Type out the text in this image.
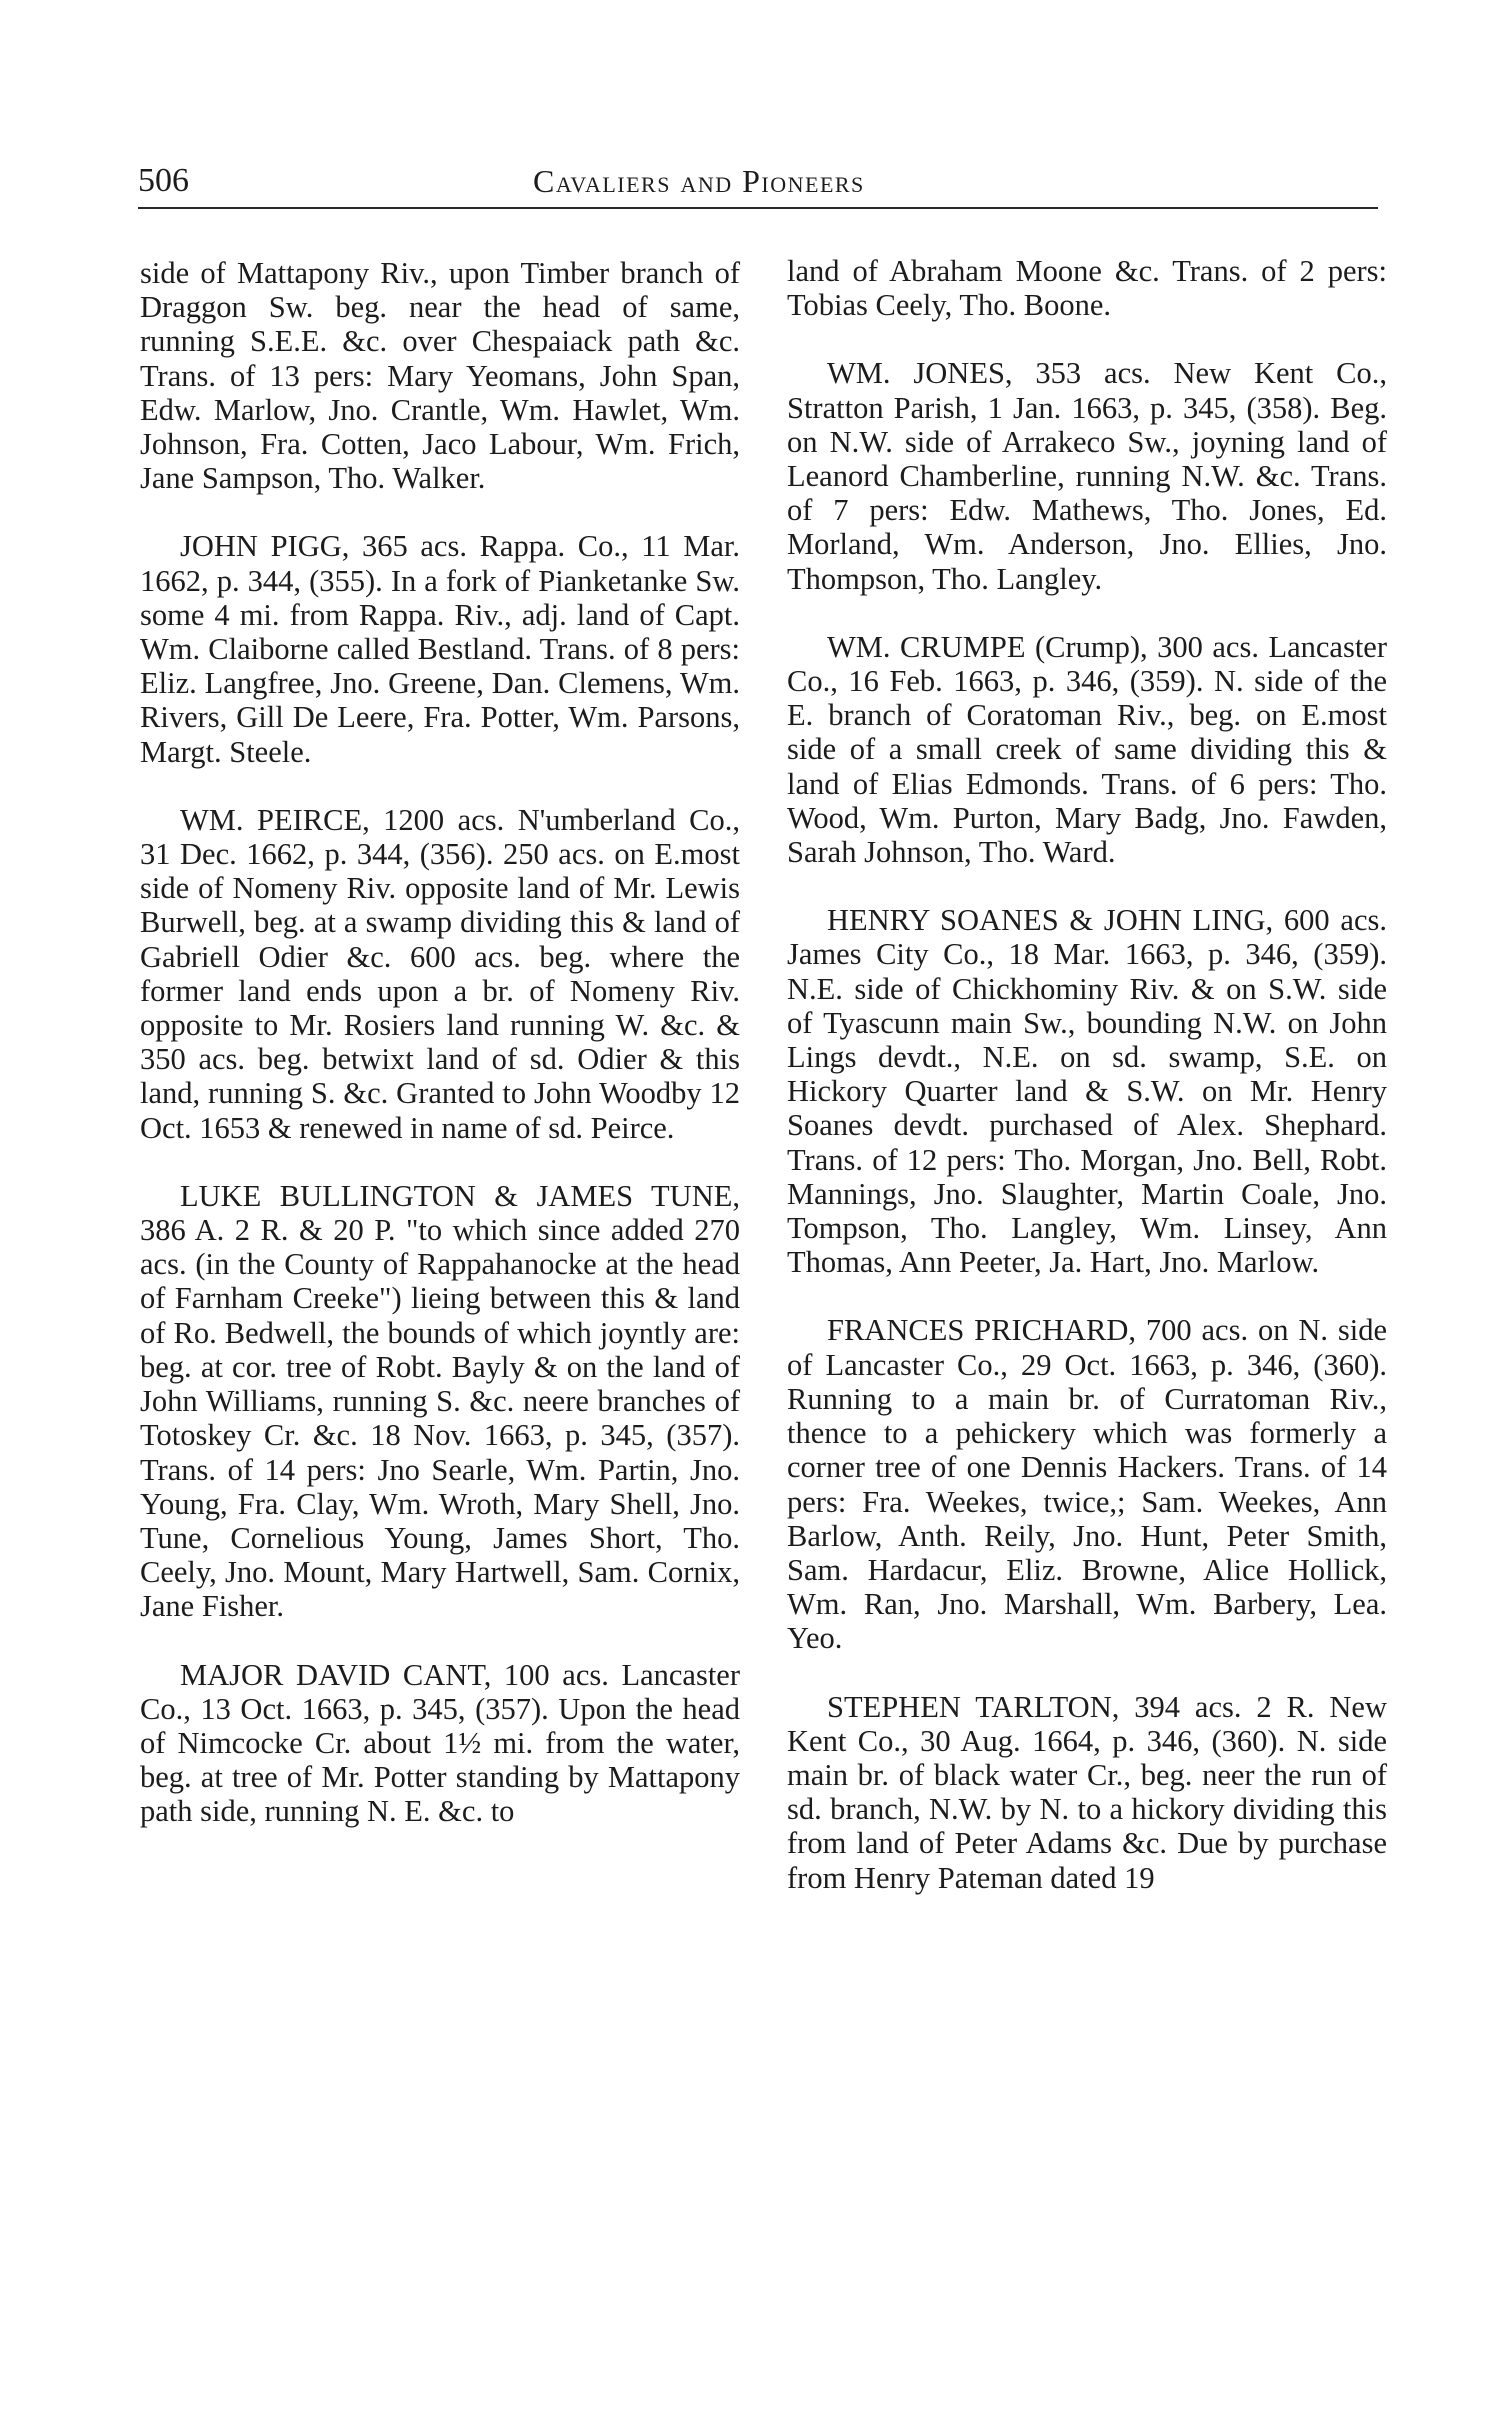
506	Cavaliers and Pioneers

side of Mattapony Riv., upon Timber branch of Draggon Sw. beg. near the head of same, running S.E.E. &c. over Chespaiack path &c. Trans. of 13 pers: Mary Yeomans, John Span, Edw. Marlow, Jno. Crantle, Wm. Hawlet, Wm. Johnson, Fra. Cotten, Jaco Labour, Wm. Frich, Jane Sampson, Tho. Walker.

JOHN PIGG, 365 acs. Rappa. Co., 11 Mar. 1662, p. 344, (355). In a fork of Pianketanke Sw. some 4 mi. from Rappa. Riv., adj. land of Capt. Wm. Claiborne called Bestland. Trans. of 8 pers: Eliz. Langfree, Jno. Greene, Dan. Clemens, Wm. Rivers, Gill De Leere, Fra. Potter, Wm. Parsons, Margt. Steele.

WM. PEIRCE, 1200 acs. N'umberland Co., 31 Dec. 1662, p. 344, (356). 250 acs. on E.most side of Nomeny Riv. opposite land of Mr. Lewis Burwell, beg. at a swamp dividing this & land of Gabriell Odier &c. 600 acs. beg. where the former land ends upon a br. of Nomeny Riv. opposite to Mr. Rosiers land running W. &c. & 350 acs. beg. betwixt land of sd. Odier & this land, running S. &c. Granted to John Woodby 12 Oct. 1653 & renewed in name of sd. Peirce.

LUKE BULLINGTON & JAMES TUNE, 386 A. 2 R. & 20 P. "to which since added 270 acs. (in the County of Rappahanocke at the head of Farnham Creeke") lieing between this & land of Ro. Bedwell, the bounds of which joyntly are: beg. at cor. tree of Robt. Bayly & on the land of John Williams, running S. &c. neere branches of Totoskey Cr. &c. 18 Nov. 1663, p. 345, (357). Trans. of 14 pers: Jno Searle, Wm. Partin, Jno. Young, Fra. Clay, Wm. Wroth, Mary Shell, Jno. Tune, Cornelious Young, James Short, Tho. Ceely, Jno. Mount, Mary Hartwell, Sam. Cornix, Jane Fisher.

MAJOR DAVID CANT, 100 acs. Lancaster Co., 13 Oct. 1663, p. 345, (357). Upon the head of Nimcocke Cr. about 1½ mi. from the water, beg. at tree of Mr. Potter standing by Mattapony path side, running N. E. &c. to

land of Abraham Moone &c. Trans. of 2 pers: Tobias Ceely, Tho. Boone.

WM. JONES, 353 acs. New Kent Co., Stratton Parish, 1 Jan. 1663, p. 345, (358). Beg. on N.W. side of Arrakeco Sw., joyning land of Leanord Chamberline, running N.W. &c. Trans. of 7 pers: Edw. Mathews, Tho. Jones, Ed. Morland, Wm. Anderson, Jno. Ellies, Jno. Thompson, Tho. Langley.

WM. CRUMPE (Crump), 300 acs. Lancaster Co., 16 Feb. 1663, p. 346, (359). N. side of the E. branch of Coratoman Riv., beg. on E.most side of a small creek of same dividing this & land of Elias Edmonds. Trans. of 6 pers: Tho. Wood, Wm. Purton, Mary Badg, Jno. Fawden, Sarah Johnson, Tho. Ward.

HENRY SOANES & JOHN LING, 600 acs. James City Co., 18 Mar. 1663, p. 346, (359). N.E. side of Chickhominy Riv. & on S.W. side of Tyascunn main Sw., bounding N.W. on John Lings devdt., N.E. on sd. swamp, S.E. on Hickory Quarter land & S.W. on Mr. Henry Soanes devdt. purchased of Alex. Shephard. Trans. of 12 pers: Tho. Morgan, Jno. Bell, Robt. Mannings, Jno. Slaughter, Martin Coale, Jno. Tompson, Tho. Langley, Wm. Linsey, Ann Thomas, Ann Peeter, Ja. Hart, Jno. Marlow.

FRANCES PRICHARD, 700 acs. on N. side of Lancaster Co., 29 Oct. 1663, p. 346, (360). Running to a main br. of Curratoman Riv., thence to a pehickery which was formerly a corner tree of one Dennis Hackers. Trans. of 14 pers: Fra. Weekes, twice,; Sam. Weekes, Ann Barlow, Anth. Reily, Jno. Hunt, Peter Smith, Sam. Hardacur, Eliz. Browne, Alice Hollick, Wm. Ran, Jno. Marshall, Wm. Barbery, Lea. Yeo.

STEPHEN TARLTON, 394 acs. 2 R. New Kent Co., 30 Aug. 1664, p. 346, (360). N. side main br. of black water Cr., beg. neer the run of sd. branch, N.W. by N. to a hickory dividing this from land of Peter Adams &c. Due by purchase from Henry Pateman dated 19
